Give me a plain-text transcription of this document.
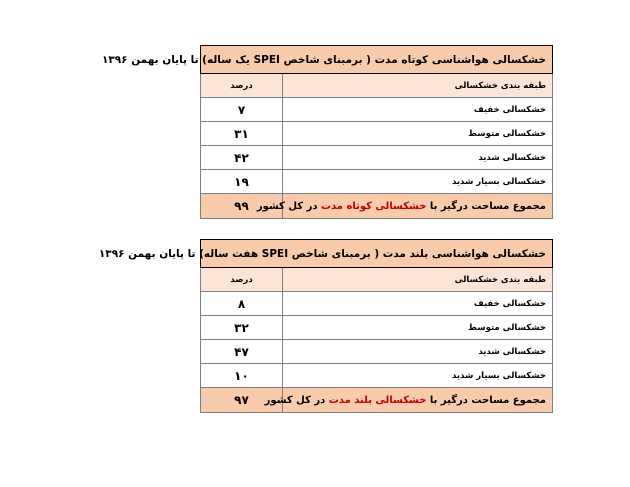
خشکسالی هواشناسی کوتاه مدت ( برمبنای شاخص SPEI یک ساله) تا پایان بهمن ۱۳۹۶	
طبقه بندی خشکسالی	درصد
خشکسالی خفیف	۷
خشکسالی متوسط	۳۱
خشکسالی شدید	۴۲
خشکسالی بسیار شدید	۱۹
مجموع مساحت درگیر با خشکسالی کوتاه مدت در کل کشور	۹۹
خشکسالی هواشناسی بلند مدت ( برمبنای شاخص SPEI هفت ساله) تا پایان بهمن ۱۳۹۶	
طبقه بندی خشکسالی	درصد
خشکسالی خفیف	۸
خشکسالی متوسط	۳۲
خشکسالی شدید	۴۷
خشکسالی بسیار شدید	۱۰
مجموع مساحت درگیر با خشکسالی بلند مدت در کل کشور	۹۷
